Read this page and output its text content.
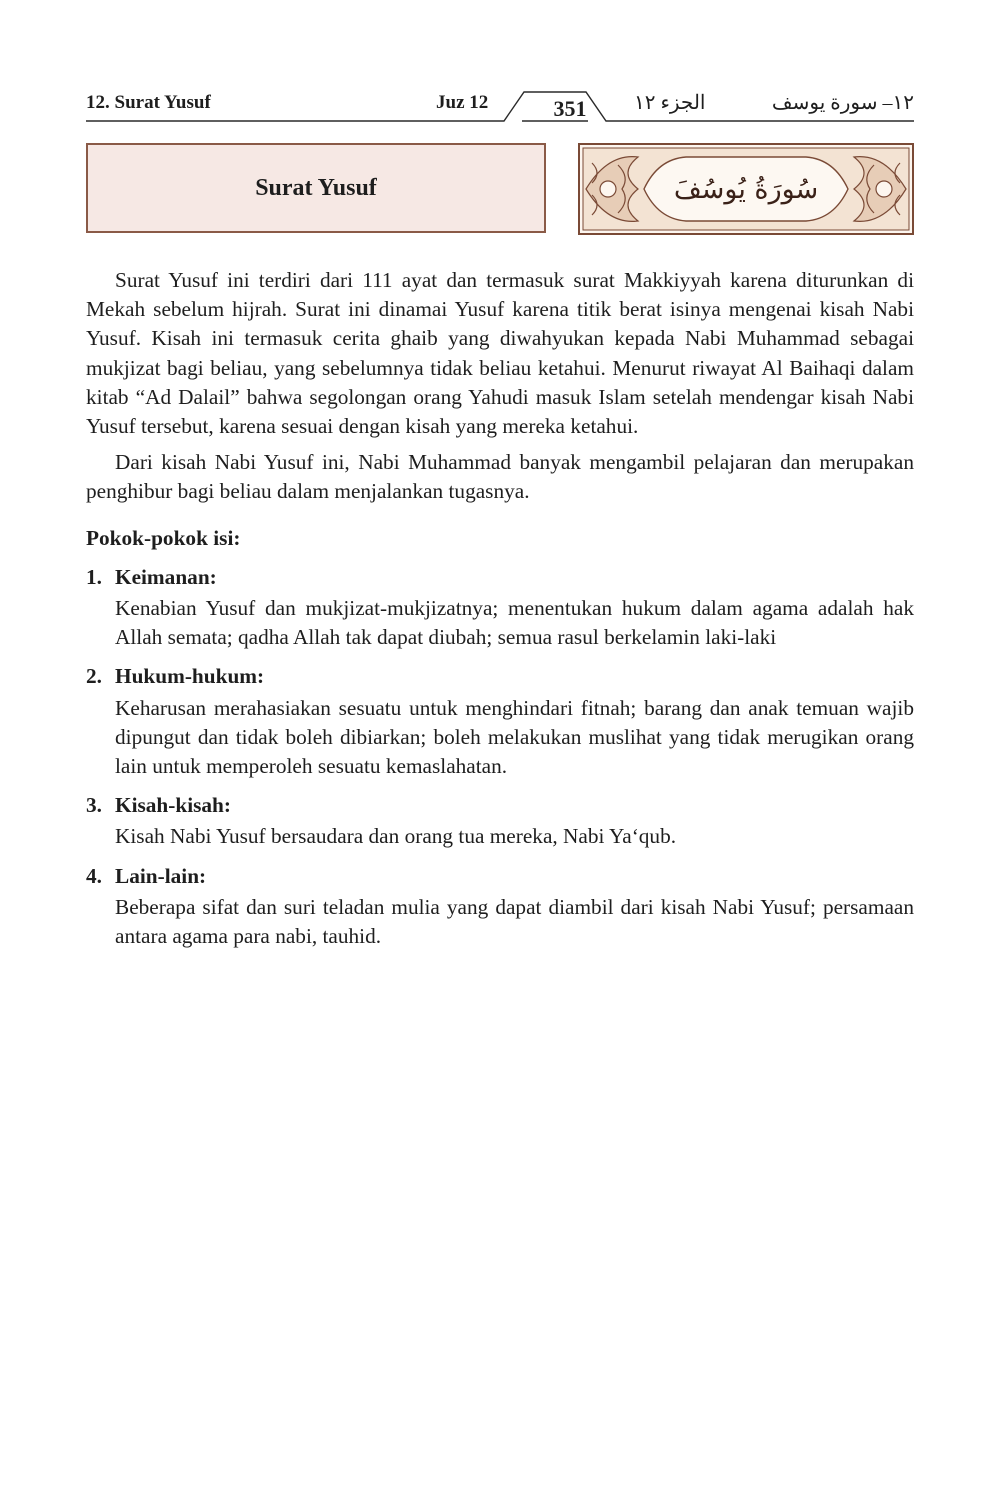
12. Surat Yusuf	Juz 12	351	الجزء ١٢	١٢– سورة يوسف
Surat Yusuf	سُورَةُ يُوسُفَ

Surat Yusuf ini terdiri dari 111 ayat dan termasuk surat Makkiyyah karena diturunkan di Mekah sebelum hijrah. Surat ini dinamai Yusuf karena titik berat isinya mengenai kisah Nabi Yusuf. Kisah ini termasuk cerita ghaib yang diwahyukan kepada Nabi Muhammad sebagai mukjizat bagi beliau, yang sebelumnya tidak beliau ketahui. Menurut riwayat Al Baihaqi dalam kitab “Ad Dalail” bahwa segolongan orang Yahudi masuk Islam setelah mendengar kisah Nabi Yusuf tersebut, karena sesuai dengan kisah yang mereka ketahui.

Dari kisah Nabi Yusuf ini, Nabi Muhammad banyak mengambil pelajaran dan merupakan penghibur bagi beliau dalam menjalankan tugasnya.

Pokok-pokok isi:
1. Keimanan:
Kenabian Yusuf dan mukjizat-mukjizatnya; menentukan hukum dalam agama adalah hak Allah semata; qadha Allah tak dapat diubah; semua rasul berkelamin laki-laki
2. Hukum-hukum:
Keharusan merahasiakan sesuatu untuk menghindari fitnah; barang dan anak temuan wajib dipungut dan tidak boleh dibiarkan; boleh melakukan muslihat yang tidak merugikan orang lain untuk memperoleh sesuatu kemaslahatan.
3. Kisah-kisah:
Kisah Nabi Yusuf bersaudara dan orang tua mereka, Nabi Ya‘qub.
4. Lain-lain:
Beberapa sifat dan suri teladan mulia yang dapat diambil dari kisah Nabi Yusuf; persamaan antara agama para nabi, tauhid.
